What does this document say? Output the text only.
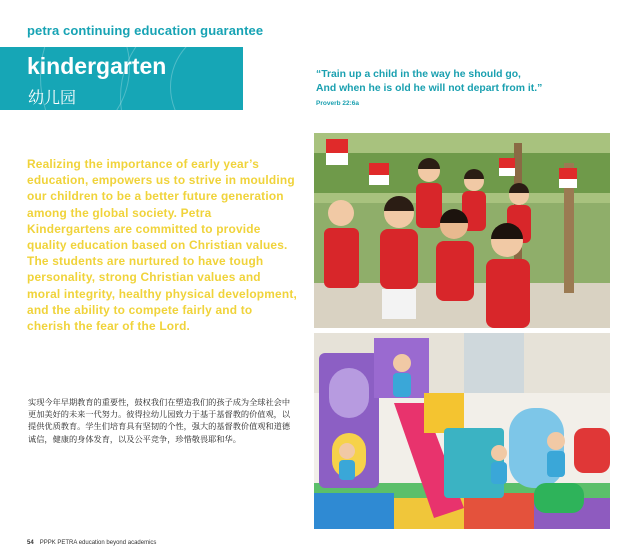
petra continuing education guarantee
kindergarten
幼儿园
“Train up a child in the way he should go,
And when he is old he will not depart from it.”
Proverb 22:6a
Realizing the importance of early year’s education, empowers us to strive in moulding our children to be a better future generation among the global society. Petra Kindergartens are committed to provide quality education based on Christian values. The students are nurtured to have tough personality, strong Christian values and moral integrity, healthy physical development, and the ability to compete fairly and to cherish the fear of the Lord.
实现今年早期教育的重要性，鼓权我们在塑造我们的孩子成为全球社会中更加美好的未来一代努力。彼得拉幼儿园致力于基于基督教的价值观，以提供优质教育。学生们培育具有坚韧的个性，强大的基督教价值观和道德诚信，健康的身体发育，以及公平竞争，珍惜敬畏耶和华。
54 PPPK PETRA education beyond academics
